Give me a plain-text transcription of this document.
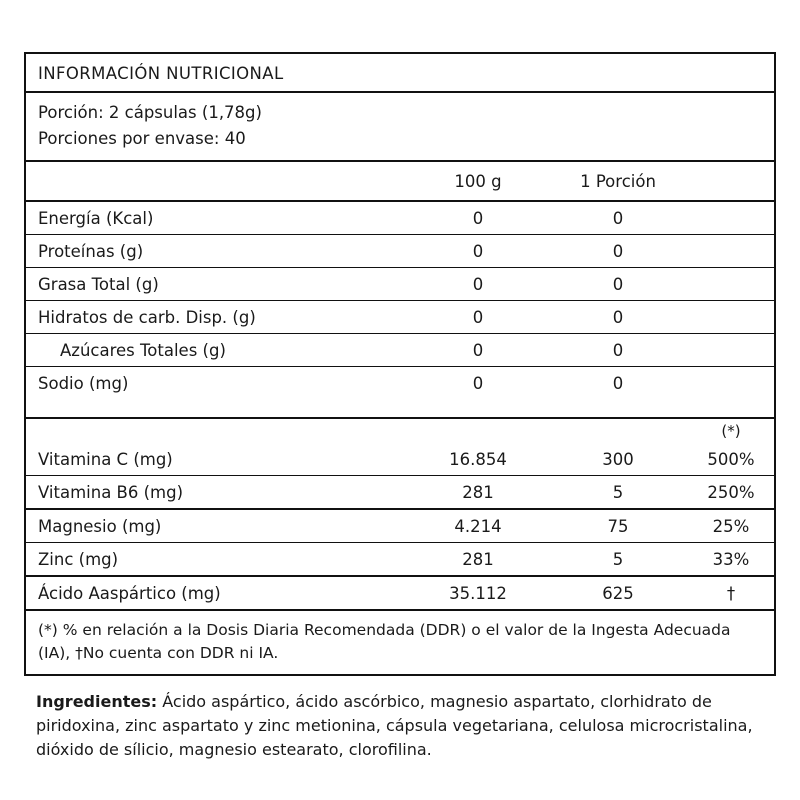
INFORMACIÓN NUTRICIONAL
Porción: 2 cápsulas (1,78g)
Porciones por envase: 40
	100 g	1 Porción	
Energía (Kcal)	0	0	
Proteínas (g)	0	0	
Grasa Total (g)	0	0	
Hidratos de carb. Disp. (g)	0	0	
Azúcares Totales (g)	0	0	
Sodio (mg)	0	0	

			(*)
Vitamina C (mg)	16.854	300	500%
Vitamina B6 (mg)	281	5	250%
Magnesio (mg)	4.214	75	25%
Zinc (mg)	281	5	33%
Ácido Aaspártico (mg)	35.112	625	†
(*) % en relación a la Dosis Diaria Recomendada (DDR) o el valor de la Ingesta Adecuada (IA), †No cuenta con DDR ni IA.
Ingredientes: Ácido aspártico, ácido ascórbico, magnesio aspartato, clorhidrato de piridoxina, zinc aspartato y zinc metionina, cápsula vegetariana, celulosa microcristalina, dióxido de sílicio, magnesio estearato, clorofilina.
